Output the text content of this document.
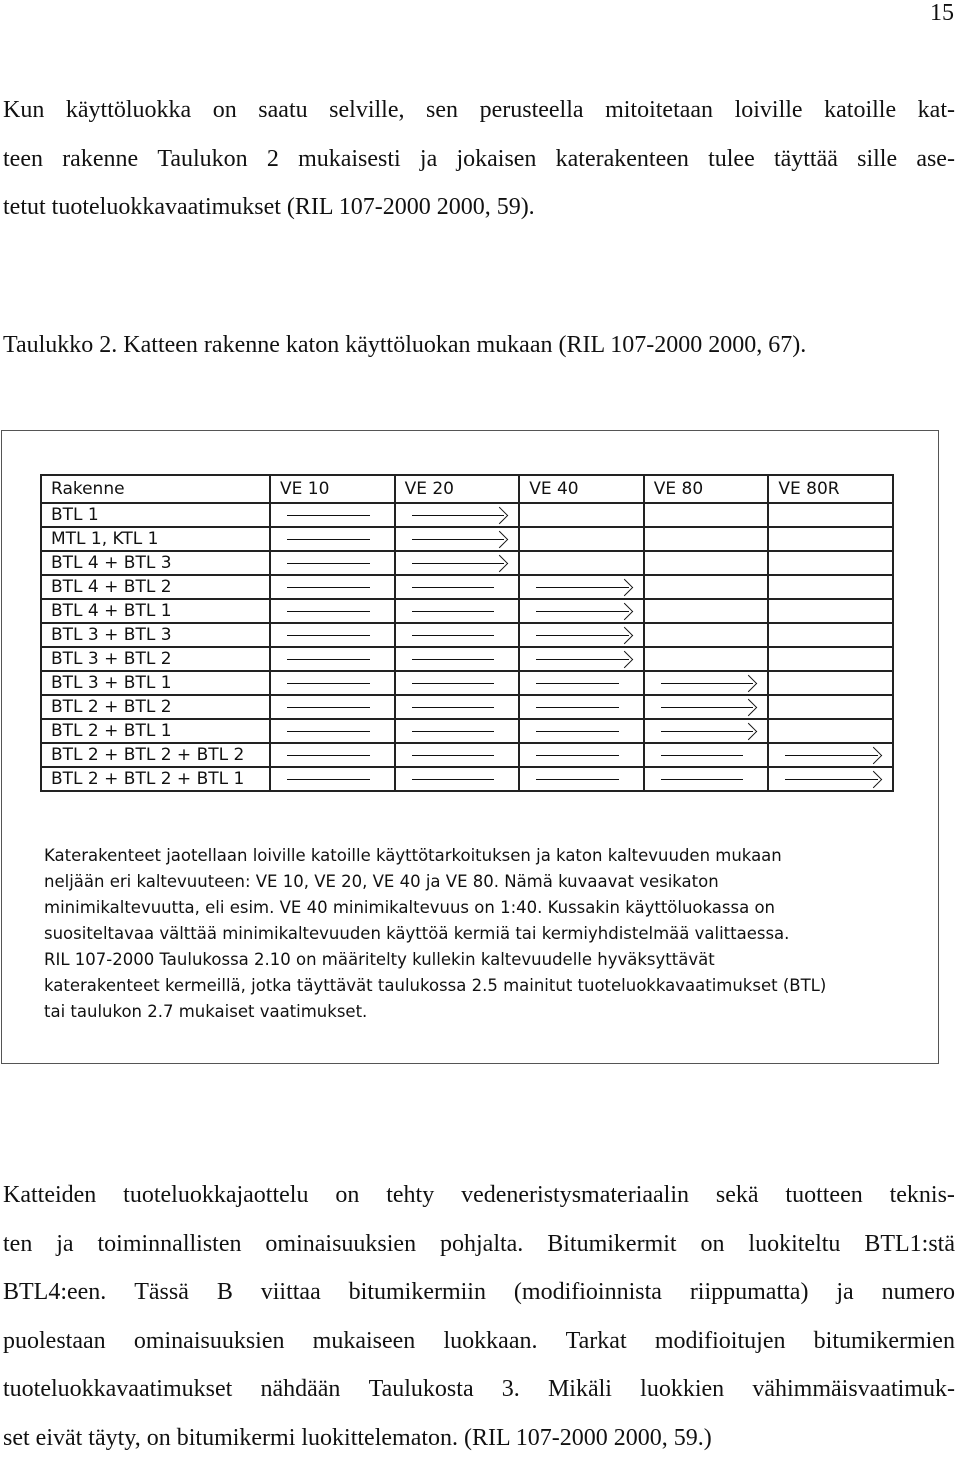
15
Kun käyttöluokka on saatu selville, sen perusteella mitoitetaan loiville katoille kat-
teen rakenne Taulukon 2 mukaisesti ja jokaisen katerakenteen tulee täyttää sille ase-
tetut tuoteluokkavaatimukset (RIL 107-2000 2000, 59).

Taulukko 2. Katteen rakenne katon käyttöluokan mukaan (RIL 107-2000 2000, 67).

Rakenne	VE 10	VE 20	VE 40	VE 80	VE 80R
BTL 1	

MTL 1, KTL 1	

BTL 4 + BTL 3	

BTL 4 + BTL 2	

BTL 4 + BTL 1	

BTL 3 + BTL 3	

BTL 3 + BTL 2	

BTL 3 + BTL 1	

BTL 2 + BTL 2	

BTL 2 + BTL 1	

BTL 2 + BTL 2 + BTL 2	

BTL 2 + BTL 2 + BTL 1	

Katerakenteet jaotellaan loiville katoille käyttötarkoituksen ja katon kaltevuuden mukaan
neljään eri kaltevuuteen: VE 10, VE 20, VE 40 ja VE 80. Nämä kuvaavat vesikaton
minimikaltevuutta, eli esim. VE 40 minimikaltevuus on 1:40. Kussakin käyttöluokassa on
suositeltavaa välttää minimikaltevuuden käyttöä kermiä tai kermiyhdistelmää valittaessa.
RIL 107-2000 Taulukossa 2.10 on määritelty kullekin kaltevuudelle hyväksyttävät
katerakenteet kermeillä, jotka täyttävät taulukossa 2.5 mainitut tuoteluokkavaatimukset (BTL)
tai taulukon 2.7 mukaiset vaatimukset.
Katteiden tuoteluokkajaottelu on tehty vedeneristysmateriaalin sekä tuotteen teknis-
ten ja toiminnallisten ominaisuuksien pohjalta. Bitumikermit on luokiteltu BTL1:stä
BTL4:een. Tässä B viittaa bitumikermiin (modifioinnista riippumatta) ja numero
puolestaan ominaisuuksien mukaiseen luokkaan. Tarkat modifioitujen bitumikermien
tuoteluokkavaatimukset nähdään Taulukosta 3. Mikäli luokkien vähimmäisvaatimuk-
set eivät täyty, on bitumikermi luokittelematon. (RIL 107-2000 2000, 59.)
